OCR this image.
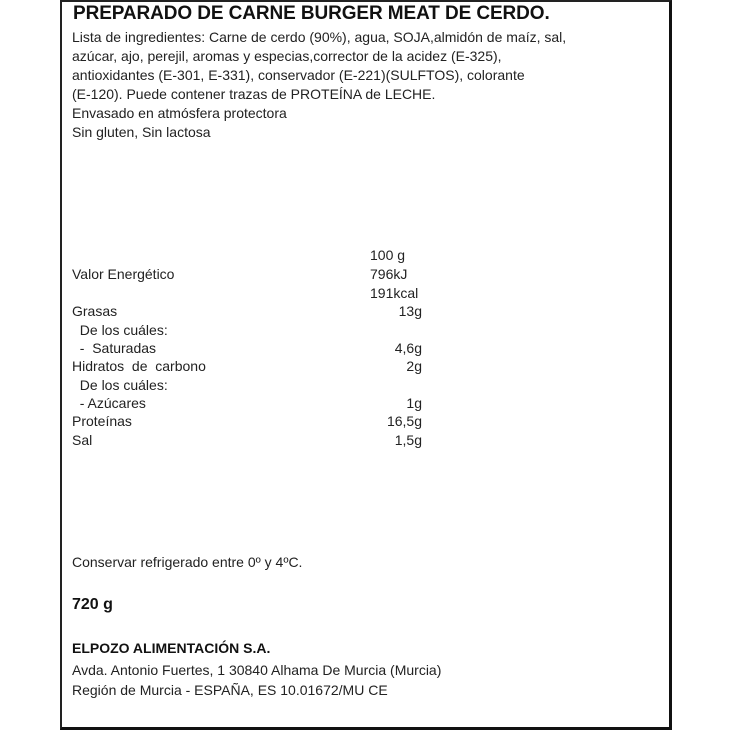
PREPARADO DE CARNE BURGER MEAT DE CERDO.
Lista de ingredientes: Carne de cerdo (90%), agua, SOJA,almidón de maíz, sal,
azúcar, ajo, perejil, aromas y especias,corrector de la acidez (E-325),
antioxidantes (E-301, E-331), conservador (E-221)(SULFTOS), colorante
(E-120). Puede contener trazas de PROTEÍNA de LECHE.
Envasado en atmósfera protectora
Sin gluten, Sin lactosa
100 g
Valor Energético	796kJ
191kcal
Grasas	13g
De los cuáles:
-  Saturadas	4,6g
Hidratos  de  carbono	2g
De los cuáles:
- Azúcares	1g
Proteínas	16,5g
Sal	1,5g
Conservar refrigerado entre 0º y 4ºC.
720 g
ELPOZO ALIMENTACIÓN S.A.
Avda. Antonio Fuertes, 1 30840 Alhama De Murcia (Murcia)
Región de Murcia - ESPAÑA, ES 10.01672/MU CE
